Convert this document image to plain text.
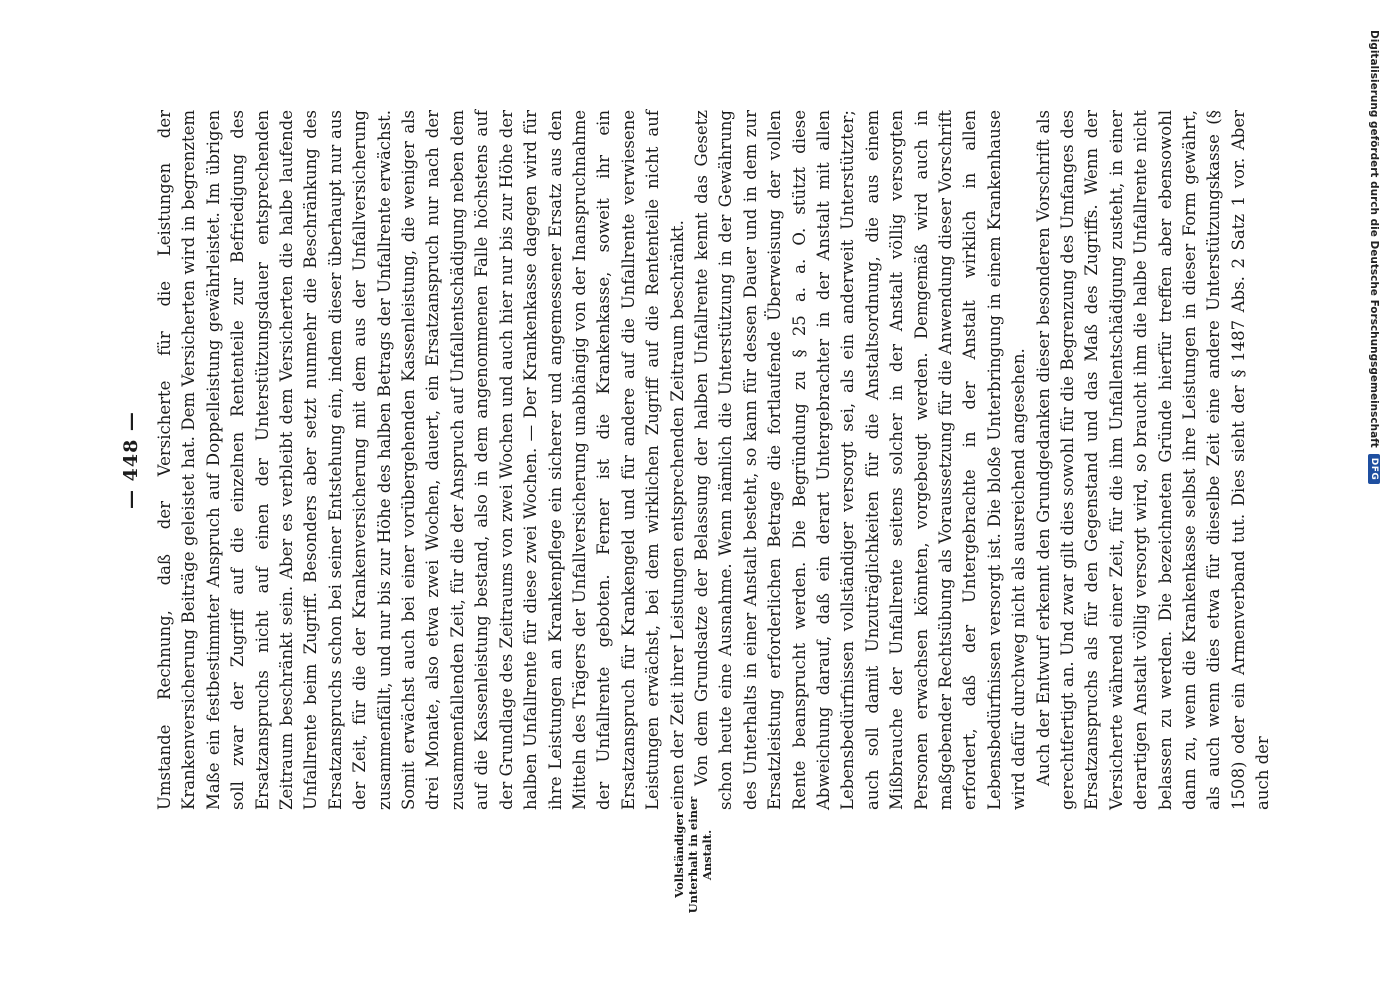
— 448 — Umstande Rechnung, daß der Versicherte für die Leistungen der Krankenversicherung Beiträge geleistet hat. Dem Versicherten wird in begrenztem Maße ein festbestimmter Anspruch auf Doppelleistung gewährleistet. Im übrigen soll zwar der Zugriff auf die einzelnen Rententeile zur Befriedigung des Ersatzanspruchs nicht auf einen der Unterstützungsdauer entsprechenden Zeitraum beschränkt sein. Aber es verbleibt dem Versicherten die halbe laufende Unfallrente beim Zugriff. Besonders aber setzt nunmehr die Beschränkung des Ersatzanspruchs schon bei seiner Entstehung ein, indem dieser überhaupt nur aus der Zeit, für die der Krankenversicherung mit dem aus der Unfallversicherung zusammenfällt, und nur bis zur Höhe des halben Betrags der Unfallrente erwächst. Somit erwächst auch bei einer vorübergehenden Kassenleistung, die weniger als drei Monate, also etwa zwei Wochen, dauert, ein Ersatzanspruch nur nach der zusammenfallenden Zeit, für die der Anspruch auf Unfallentschädigung neben dem auf die Kassenleistung bestand, also in dem angenommenen Falle höchstens auf der Grundlage des Zeitraums von zwei Wochen und auch hier nur bis zur Höhe der halben Unfallrente für diese zwei Wochen. — Der Krankenkasse dagegen wird für ihre Leistungen an Krankenpflege ein sicherer und angemessener Ersatz aus den Mitteln des Trägers der Unfallversicherung unabhängig von der Inanspruchnahme der Unfallrente geboten. Ferner ist die Krankenkasse, soweit ihr ein Ersatzanspruch für Krankengeld und für andere auf die Unfallrente verwiesene Leistungen erwächst, bei dem wirklichen Zugriff auf die Rententeile nicht auf einen der Zeit ihrer Leistungen entsprechenden Zeitraum beschränkt. Von dem Grundsatze der Belassung der halben Unfallrente kennt das Gesetz schon heute eine Ausnahme. Wenn nämlich die Unterstützung in der Gewährung des Unterhalts in einer Anstalt besteht, so kann für dessen Dauer und in dem zur Ersatzleistung erforderlichen Betrage die fortlaufende Überweisung der vollen Rente beansprucht werden. Die Begründung zu § 25 a. a. O. stützt diese Abweichung darauf, daß ein derart Untergebrachter in der Anstalt mit allen Lebensbedürfnissen vollständiger versorgt sei, als ein anderweit Unterstützter; auch soll damit Unzuträglichkeiten für die Anstaltsordnung, die aus einem Mißbrauche der Unfallrente seitens solcher in der Anstalt völlig versorgten Personen erwachsen könnten, vorgebeugt werden. Demgemäß wird auch in maßgebender Rechtsübung als Voraussetzung für die Anwendung dieser Vorschrift erfordert, daß der Untergebrachte in der Anstalt wirklich in allen Lebensbedürfnissen versorgt ist. Die bloße Unterbringung in einem Krankenhause wird dafür durchweg nicht als ausreichend angesehen. Auch der Entwurf erkennt den Grundgedanken dieser besonderen Vorschrift als gerechtfertigt an. Und zwar gilt dies sowohl für die Begrenzung des Umfanges des Ersatzanspruchs als für den Gegenstand und das Maß des Zugriffs. Wenn der Versicherte während einer Zeit, für die ihm Unfallentschädigung zusteht, in einer derartigen Anstalt völlig versorgt wird, so braucht ihm die halbe Unfallrente nicht belassen zu werden. Die bezeichneten Gründe hierfür treffen aber ebensowohl dann zu, wenn die Krankenkasse selbst ihre Leistungen in dieser Form gewährt, als auch wenn dies etwa für dieselbe Zeit eine andere Unterstützungskasse (§ 1508) oder ein Armenverband tut. Dies sieht der § 1487 Abs. 2 Satz 1 vor. Aber auch der

Vollständiger Unterhalt in einer Anstalt.
Digitalisierung gefördert durch die Deutsche Forschungsgemeinschaft
DFG
